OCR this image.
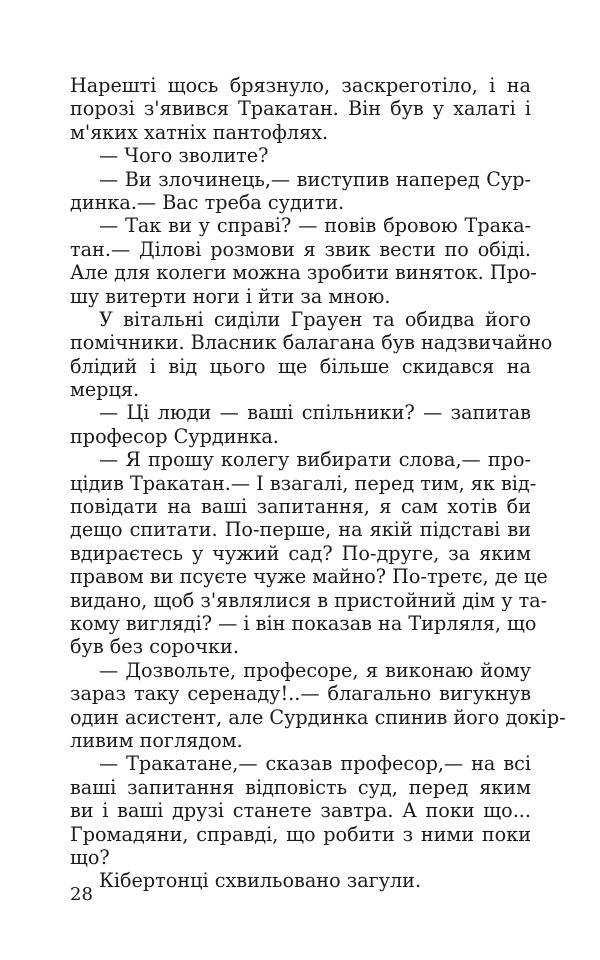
Нарешті щось брязнуло, заскреготіло, і на
порозі з'явився Тракатан. Він був у халаті і
м'яких хатніх пантофлях.
— Чого зволите?
— Ви злочинець,— виступив наперед Сур-
динка.— Вас треба судити.
— Так ви у справі? — повів бровою Трака-
тан.— Ділові розмови я звик вести по обіді.
Але для колеги можна зробити виняток. Про-
шу витерти ноги і йти за мною.
У вітальні сиділи Грауен та обидва його
помічники. Власник балагана був надзвичайно
блідий і від цього ще більше скидався на
мерця.
— Ці люди — ваші спільники? — запитав
професор Сурдинка.
— Я прошу колегу вибирати слова,— про-
цідив Тракатан.— І взагалі, перед тим, як від-
повідати на ваші запитання, я сам хотів би
дещо спитати. По-перше, на якій підставі ви
вдираєтесь у чужий сад? По-друге, за яким
правом ви псуєте чуже майно? По-третє, де це
видано, щоб з'являлися в пристойний дім у та-
кому вигляді? — і він показав на Тирляля, що
був без сорочки.
— Дозвольте, професоре, я виконаю йому
зараз таку серенаду!..— благально вигукнув
один асистент, але Сурдинка спинив його докір-
ливим поглядом.
— Тракатане,— сказав професор,— на всі
ваші запитання відповість суд, перед яким
ви і ваші друзі станете завтра. А поки що...
Громадяни, справді, що робити з ними поки
що?
Кібертонці схвильовано загули.
28
